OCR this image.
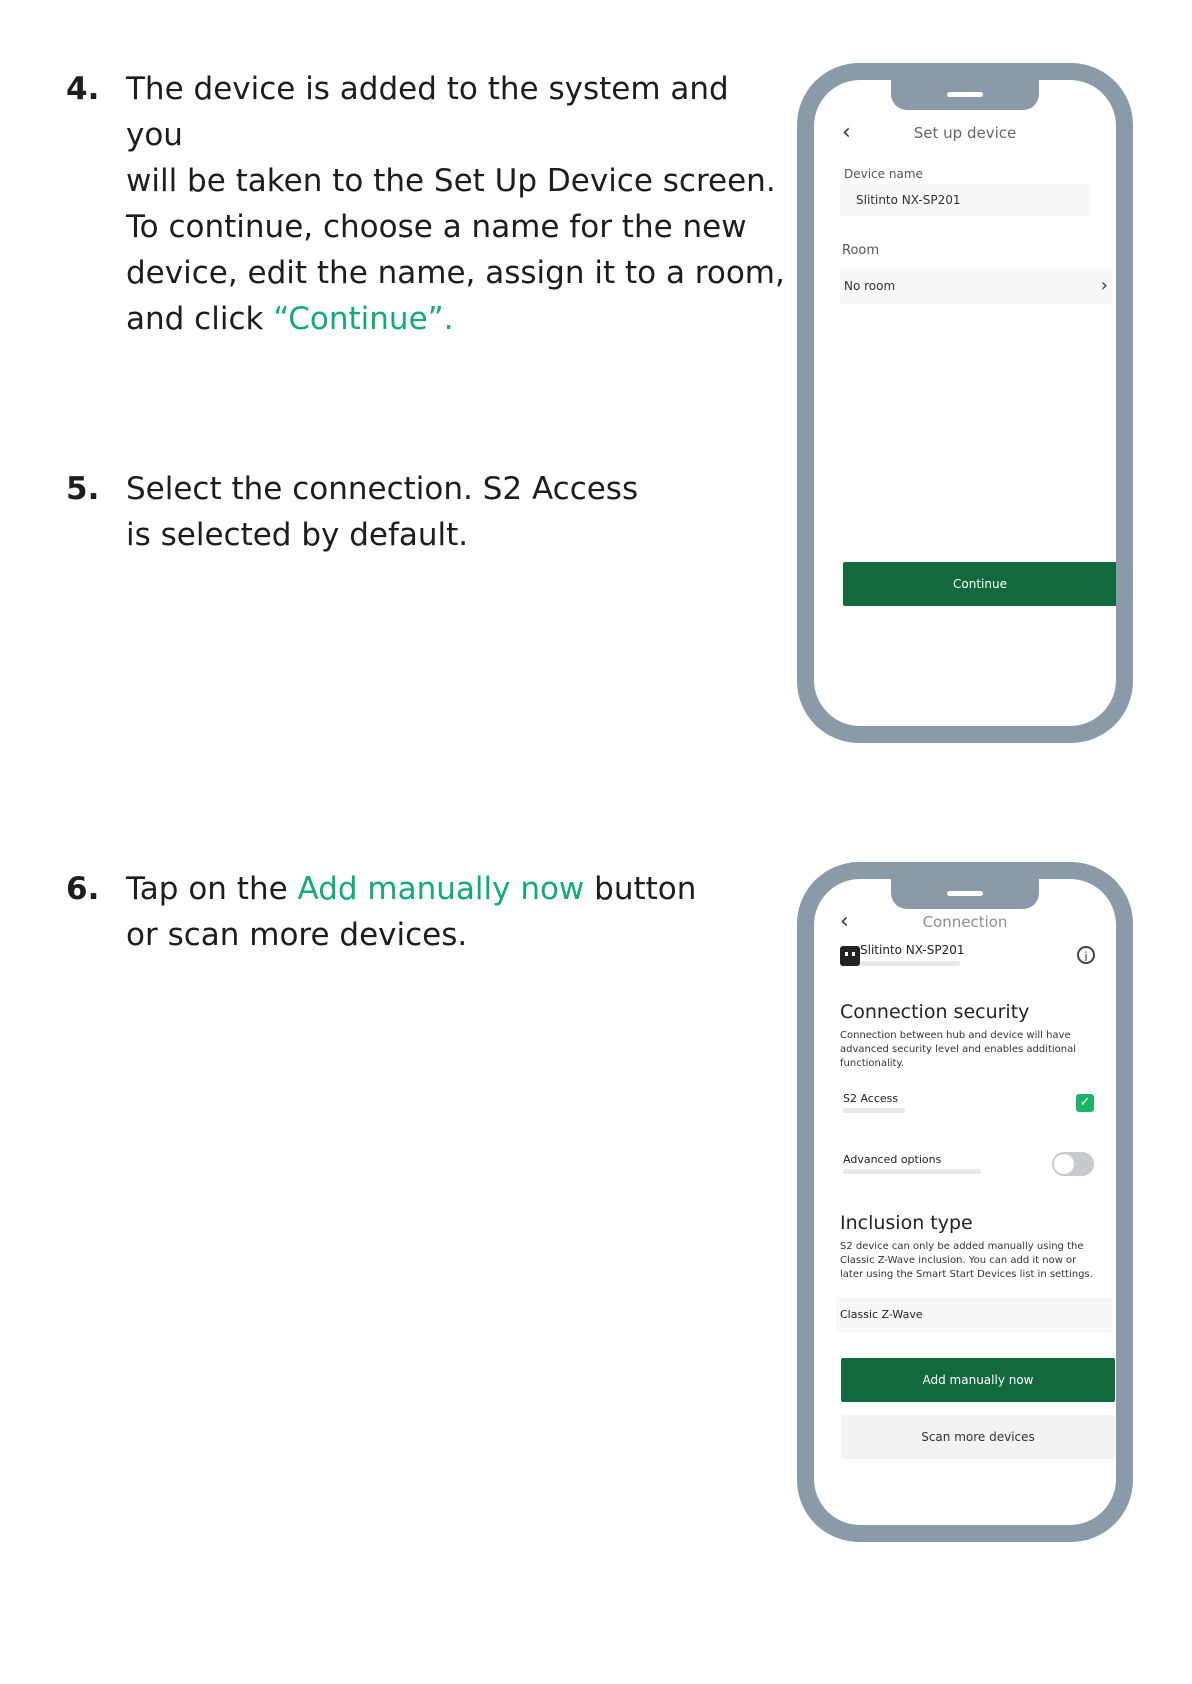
4. The device is added to the system and you
will be taken to the Set Up Device screen.
To continue, choose a name for the new
device, edit the name, assign it to a room,
and click “Continue”.
5. Select the connection. S2 Access
is selected by default.
6. Tap on the Add manually now button
or scan more devices.
‹	Set up device
Device name
Slitinto NX-SP201
Room
No room	›
Continue
‹	Connection
Slitinto NX-SP201	i
Connection security
Connection between hub and device will have
advanced security level and enables additional
functionality.
S2 Access	✓
Advanced options
Inclusion type
S2 device can only be added manually using the
Classic Z-Wave inclusion. You can add it now or
later using the Smart Start Devices list in settings.
Classic Z-Wave
Add manually now
Scan more devices
